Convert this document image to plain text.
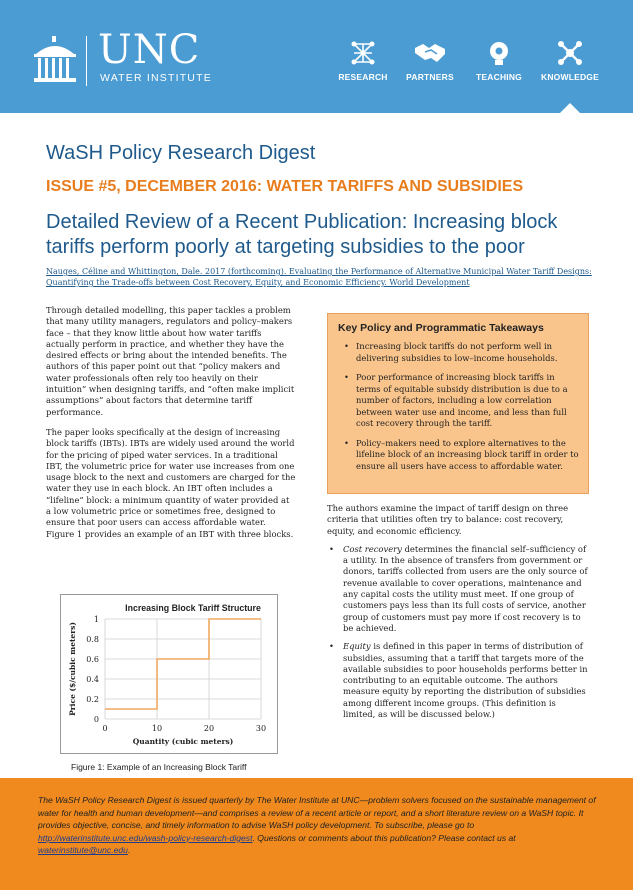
UNC
WATER INSTITUTE	RESEARCH	PARTNERS	TEACHING	KNOWLEDGE
WaSH Policy Research Digest
ISSUE #5, DECEMBER 2016: WATER TARIFFS AND SUBSIDIES
Detailed Review of a Recent Publication: Increasing block tariffs perform poorly at targeting subsidies to the poor
Nauges, Céline and Whittington, Dale. 2017 (forthcoming). Evaluating the Performance of Alternative Municipal Water Tariff Designs: Quantifying the Trade-offs between Cost Recovery, Equity, and Economic Efficiency. World Development

Through detailed modelling, this paper tackles a problem that many utility managers, regulators and policy–makers face – that they know little about how water tariffs actually perform in practice, and whether they have the desired effects or bring about the intended benefits. The authors of this paper point out that “policy makers and water professionals often rely too heavily on their intuition” when designing tariffs, and “often make implicit assumptions” about factors that determine tariff performance.

The paper looks specifically at the design of increasing block tariffs (IBTs). IBTs are widely used around the world for the pricing of piped water services. In a traditional IBT, the volumetric price for water use increases from one usage block to the next and customers are charged for the water they use in each block. An IBT often includes a “lifeline” block: a minimum quantity of water provided at a low volumetric price or sometimes free, designed to ensure that poor users can access affordable water. Figure 1 provides an example of an IBT with three blocks.

0
0.2
0.4
0.6
0.8
1
0	10	20	30
Increasing Block Tariff Structure
Quantity (cubic meters)
Price ($/cubic meters)
Figure 1: Example of an Increasing Block Tariff
Key Policy and Programmatic Takeaways
• Increasing block tariffs do not perform well in delivering subsidies to low–income households.
• Poor performance of increasing block tariffs in terms of equitable subsidy distribution is due to a number of factors, including a low correlation between water use and income, and less than full cost recovery through the tariff.
• Policy–makers need to explore alternatives to the lifeline block of an increasing block tariff in order to ensure all users have access to affordable water.

The authors examine the impact of tariff design on three criteria that utilities often try to balance: cost recovery, equity, and economic efficiency.

• Cost recovery determines the financial self–sufficiency of a utility. In the absence of transfers from government or donors, tariffs collected from users are the only source of revenue available to cover operations, maintenance and any capital costs the utility must meet. If one group of customers pays less than its full costs of service, another group of customers must pay more if cost recovery is to be achieved.
• Equity is defined in this paper in terms of distribution of subsidies, assuming that a tariff that targets more of the available subsidies to poor households performs better in contributing to an equitable outcome. The authors measure equity by reporting the distribution of subsidies among different income groups. (This definition is limited, as will be discussed below.)
The WaSH Policy Research Digest is issued quarterly by The Water Institute at UNC—problem solvers focused on the sustainable management of water for health and human development—and comprises a review of a recent article or report, and a short literature review on a WaSH topic. It provides objective, concise, and timely information to advise WaSH policy development. To subscribe, please go to http://waterinstitute.unc.edu/wash-policy-research-digest. Questions or comments about this publication? Please contact us at waterinstitute@unc.edu.
